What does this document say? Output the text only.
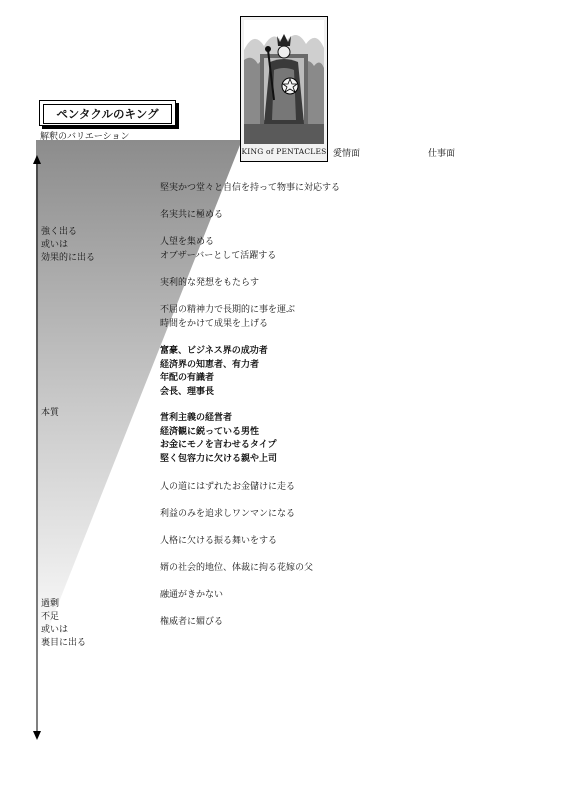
KING of PENTACLES
ペンタクルのキング
解釈のバリエーション
愛情面	仕事面
強く出る
或いは
効果的に出る
本質
過剰
不足
或いは
裏目に出る
堅実かつ堂々と自信を持って物事に対応する
名実共に極める
人望を集める
オブザーバーとして活躍する
実利的な発想をもたらす
不屈の精神力で長期的に事を運ぶ
時間をかけて成果を上げる
富豪、ビジネス界の成功者
経済界の知恵者、有力者
年配の有識者
会長、理事長
営利主義の経営者
経済観に鋭っている男性
お金にモノを言わせるタイプ
堅く包容力に欠ける親や上司
人の道にはずれたお金儲けに走る
利益のみを追求しワンマンになる
人格に欠ける振る舞いをする
婿の社会的地位、体裁に拘る花嫁の父
融通がきかない
権威者に媚びる
